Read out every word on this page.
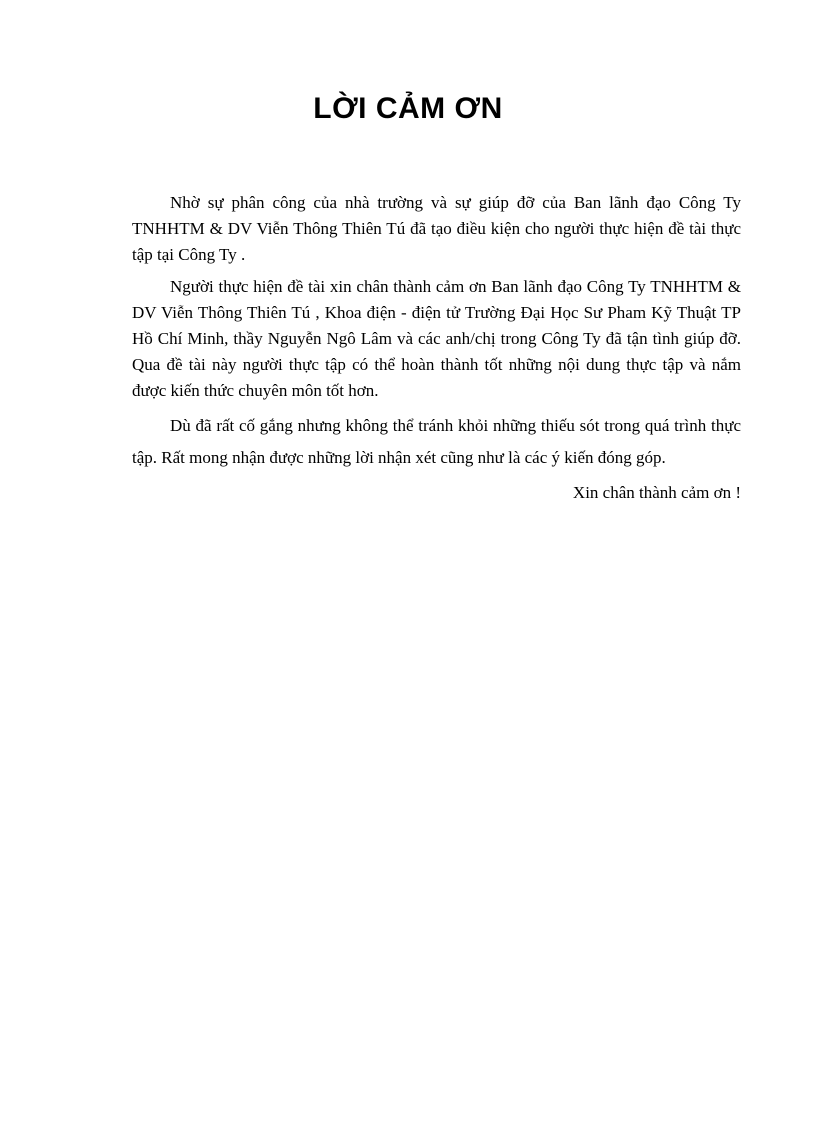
LỜI CẢM ƠN

Nhờ sự phân công của nhà trường và sự giúp đỡ của Ban lãnh đạo Công Ty TNHHTM & DV Viễn Thông Thiên Tú đã tạo điều kiện cho người thực hiện đề tài thực tập tại Công Ty .

Người thực hiện đề tài xin chân thành cảm ơn Ban lãnh đạo Công Ty TNHHTM & DV Viễn Thông Thiên Tú , Khoa điện - điện tử Trường Đại Học Sư Pham Kỹ Thuật TP Hồ Chí Minh, thầy Nguyễn Ngô Lâm và các anh/chị trong Công Ty đã tận tình giúp đỡ. Qua đề tài này người thực tập có thể hoàn thành tốt những nội dung thực tập và nắm được kiến thức chuyên môn tốt hơn.

Dù đã rất cố gắng nhưng không thể tránh khỏi những thiếu sót trong quá trình thực tập. Rất mong nhận được những lời nhận xét cũng như là các ý kiến đóng góp.

Xin chân thành cảm ơn !
